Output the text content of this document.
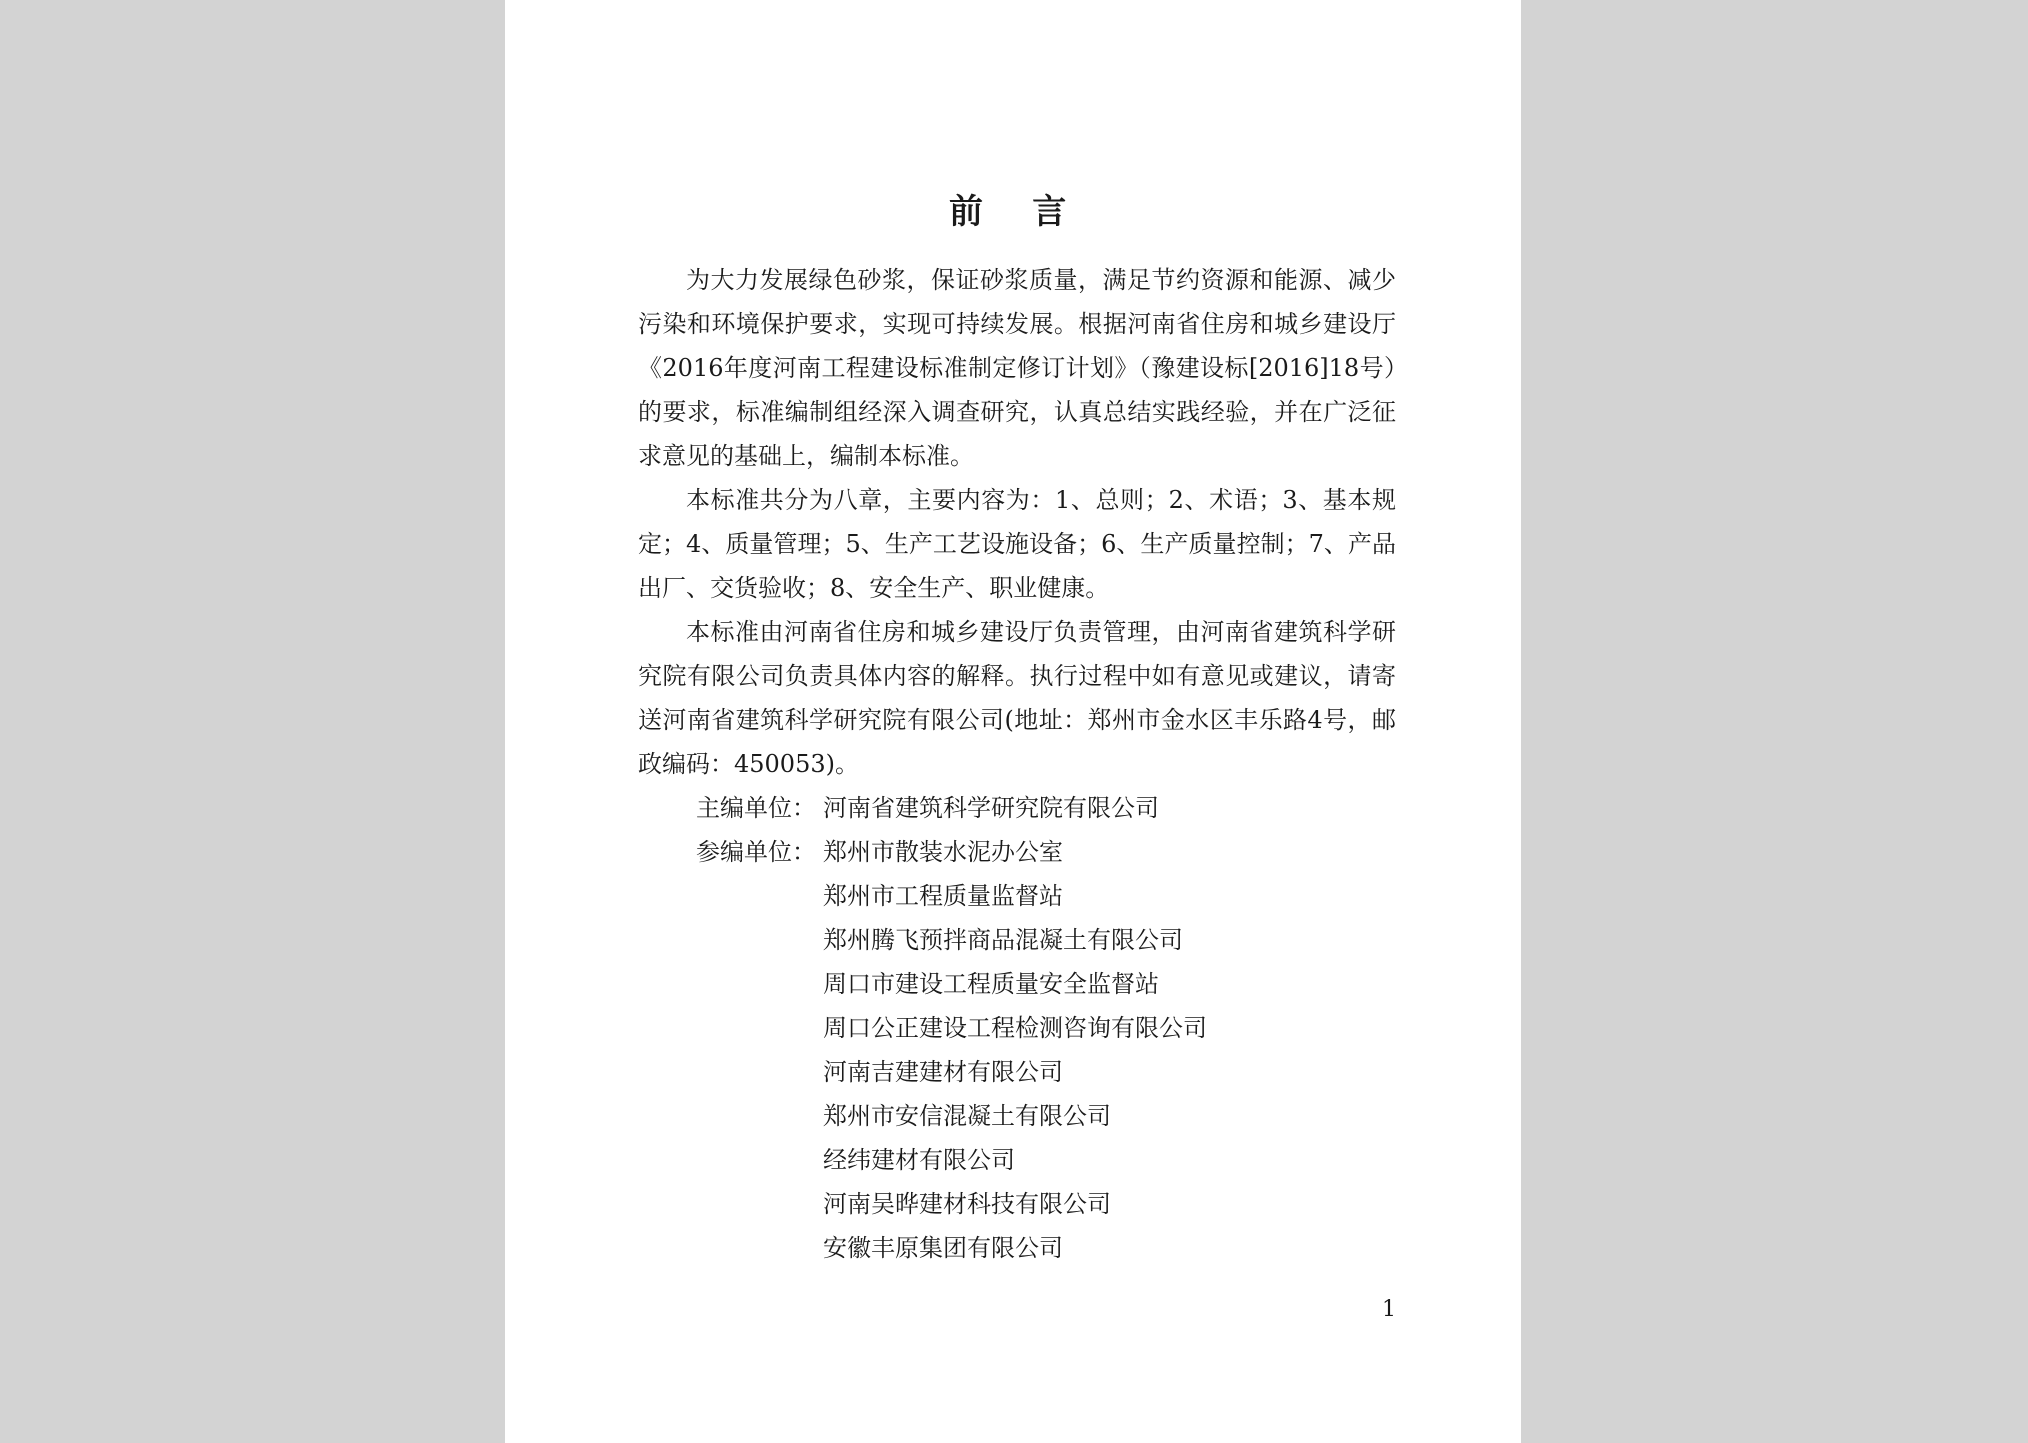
前 言

为大力发展绿色砂浆，保证砂浆质量，满足节约资源和能源、减少污染和环境保护要求，实现可持续发展。根据河南省住房和城乡建设厅《2016年度河南工程建设标准制定修订计划》（豫建设标[2016]18号）的要求，标准编制组经深入调查研究，认真总结实践经验，并在广泛征求意见的基础上，编制本标准。

本标准共分为八章，主要内容为：1、总则；2、术语；3、基本规定；4、质量管理；5、生产工艺设施设备；6、生产质量控制；7、产品出厂、交货验收；8、安全生产、职业健康。

本标准由河南省住房和城乡建设厅负责管理，由河南省建筑科学研究院有限公司负责具体内容的解释。执行过程中如有意见或建议，请寄送河南省建筑科学研究院有限公司(地址：郑州市金水区丰乐路4号，邮政编码：450053)。

主编单位： 河南省建筑科学研究院有限公司
参编单位： 郑州市散装水泥办公室
郑州市工程质量监督站
郑州腾飞预拌商品混凝土有限公司
周口市建设工程质量安全监督站
周口公正建设工程检测咨询有限公司
河南吉建建材有限公司
郑州市安信混凝土有限公司
经纬建材有限公司
河南吴晔建材科技有限公司
安徽丰原集团有限公司
1
